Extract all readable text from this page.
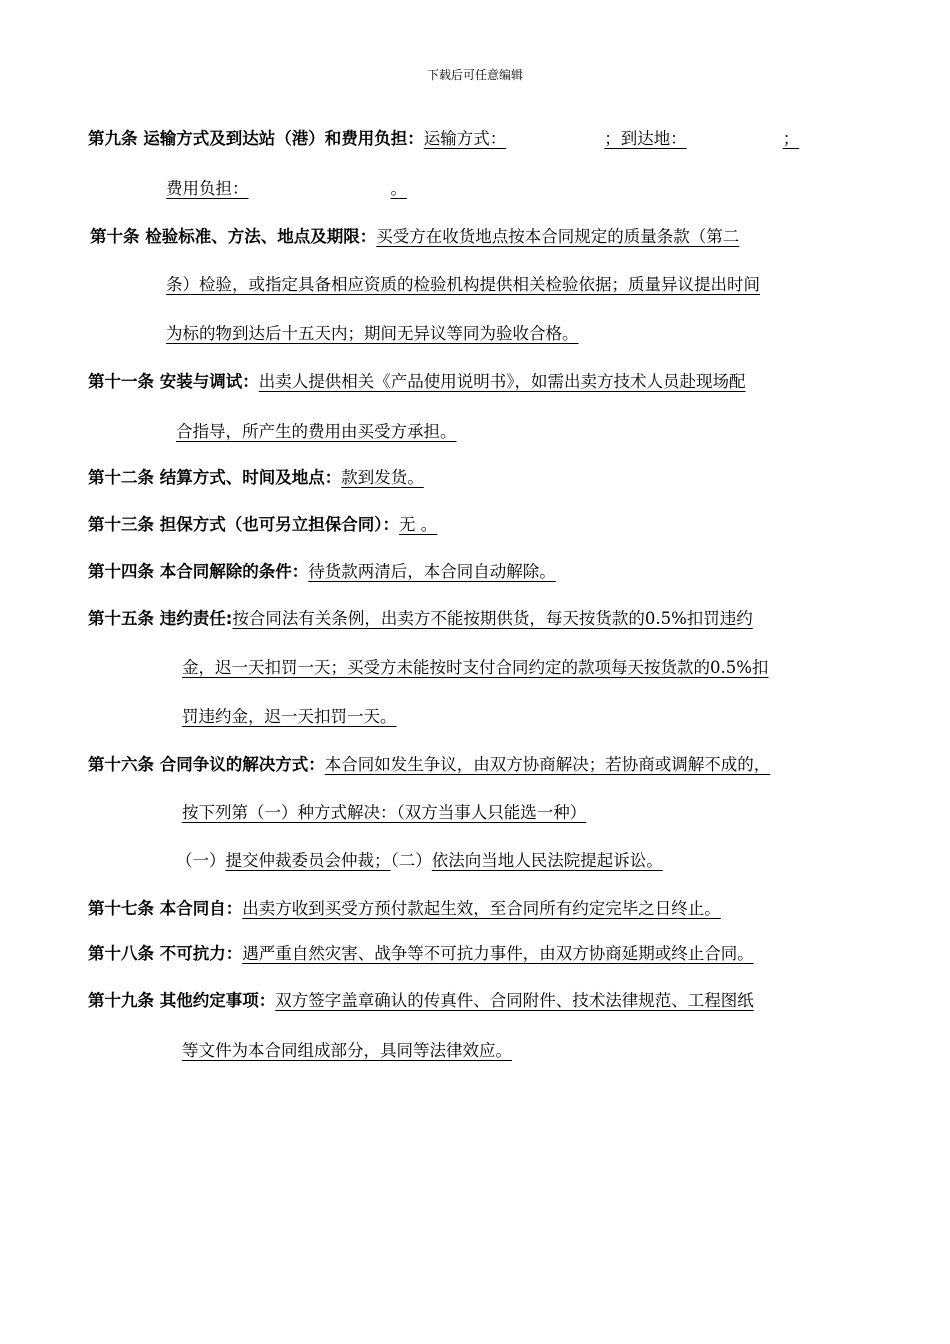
下载后可任意编辑
第九条 运输方式及到达站（港）和费用负担：运输方式：	；到达地：	；
费用负担：	。
第十条 检验标准、方法、地点及期限：买受方在收货地点按本合同规定的质量条款（第二
条）检验，或指定具备相应资质的检验机构提供相关检验依据；质量异议提出时间
为标的物到达后十五天内；期间无异议等同为验收合格。
第十一条 安装与调试：出卖人提供相关《产品使用说明书》，如需出卖方技术人员赴现场配
合指导，所产生的费用由买受方承担。
第十二条 结算方式、时间及地点：款到发货。
第十三条 担保方式（也可另立担保合同）：无 。
第十四条 本合同解除的条件：待货款两清后，本合同自动解除。
第十五条 违约责任:按合同法有关条例，出卖方不能按期供货，每天按货款的0.5%扣罚违约
金，迟一天扣罚一天；买受方未能按时支付合同约定的款项每天按货款的0.5%扣
罚违约金，迟一天扣罚一天。
第十六条 合同争议的解决方式：本合同如发生争议，由双方协商解决；若协商或调解不成的，
按下列第（一）种方式解决：（双方当事人只能选一种）
（一）提交仲裁委员会仲裁；（二）依法向当地人民法院提起诉讼。
第十七条 本合同自：出卖方收到买受方预付款起生效，至合同所有约定完毕之日终止。
第十八条 不可抗力：遇严重自然灾害、战争等不可抗力事件，由双方协商延期或终止合同。
第十九条 其他约定事项：双方签字盖章确认的传真件、合同附件、技术法律规范、工程图纸
等文件为本合同组成部分，具同等法律效应。
